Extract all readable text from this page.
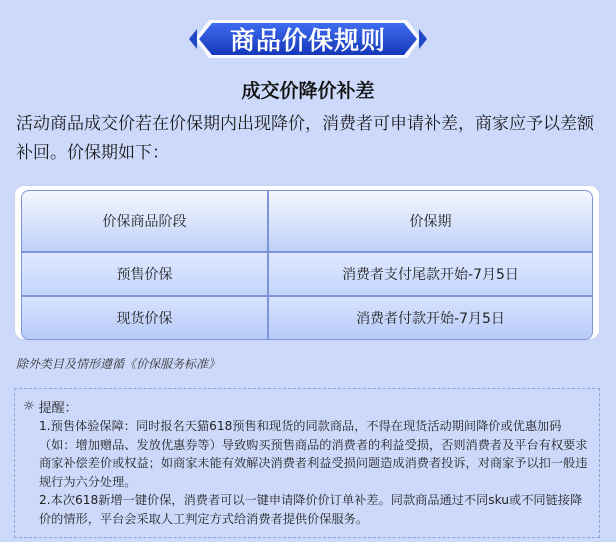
商品价保规则
成交价降价补差
活动商品成交价若在价保期内出现降价，消费者可申请补差，商家应予以差额补回。价保期如下：
价保商品阶段	价保期
预售价保	消费者支付尾款开始-7月5日
现货价保	消费者付款开始-7月5日
除外类目及情形遵循《价保服务标准》
☼ 提醒：

1.预售体验保障：同时报名天猫618预售和现货的同款商品，不得在现货活动期间降价或优惠加码（如：增加赠品、发放优惠券等）导致购买预售商品的消费者的利益受损，否则消费者及平台有权要求商家补偿差价或权益；如商家未能有效解决消费者利益受损问题造成消费者投诉，对商家予以扣一般违规行为六分处理。

2.本次618新增一键价保，消费者可以一键申请降价价订单补差。同款商品通过不同sku或不同链接降价的情形，平台会采取人工判定方式给消费者提供价保服务。
